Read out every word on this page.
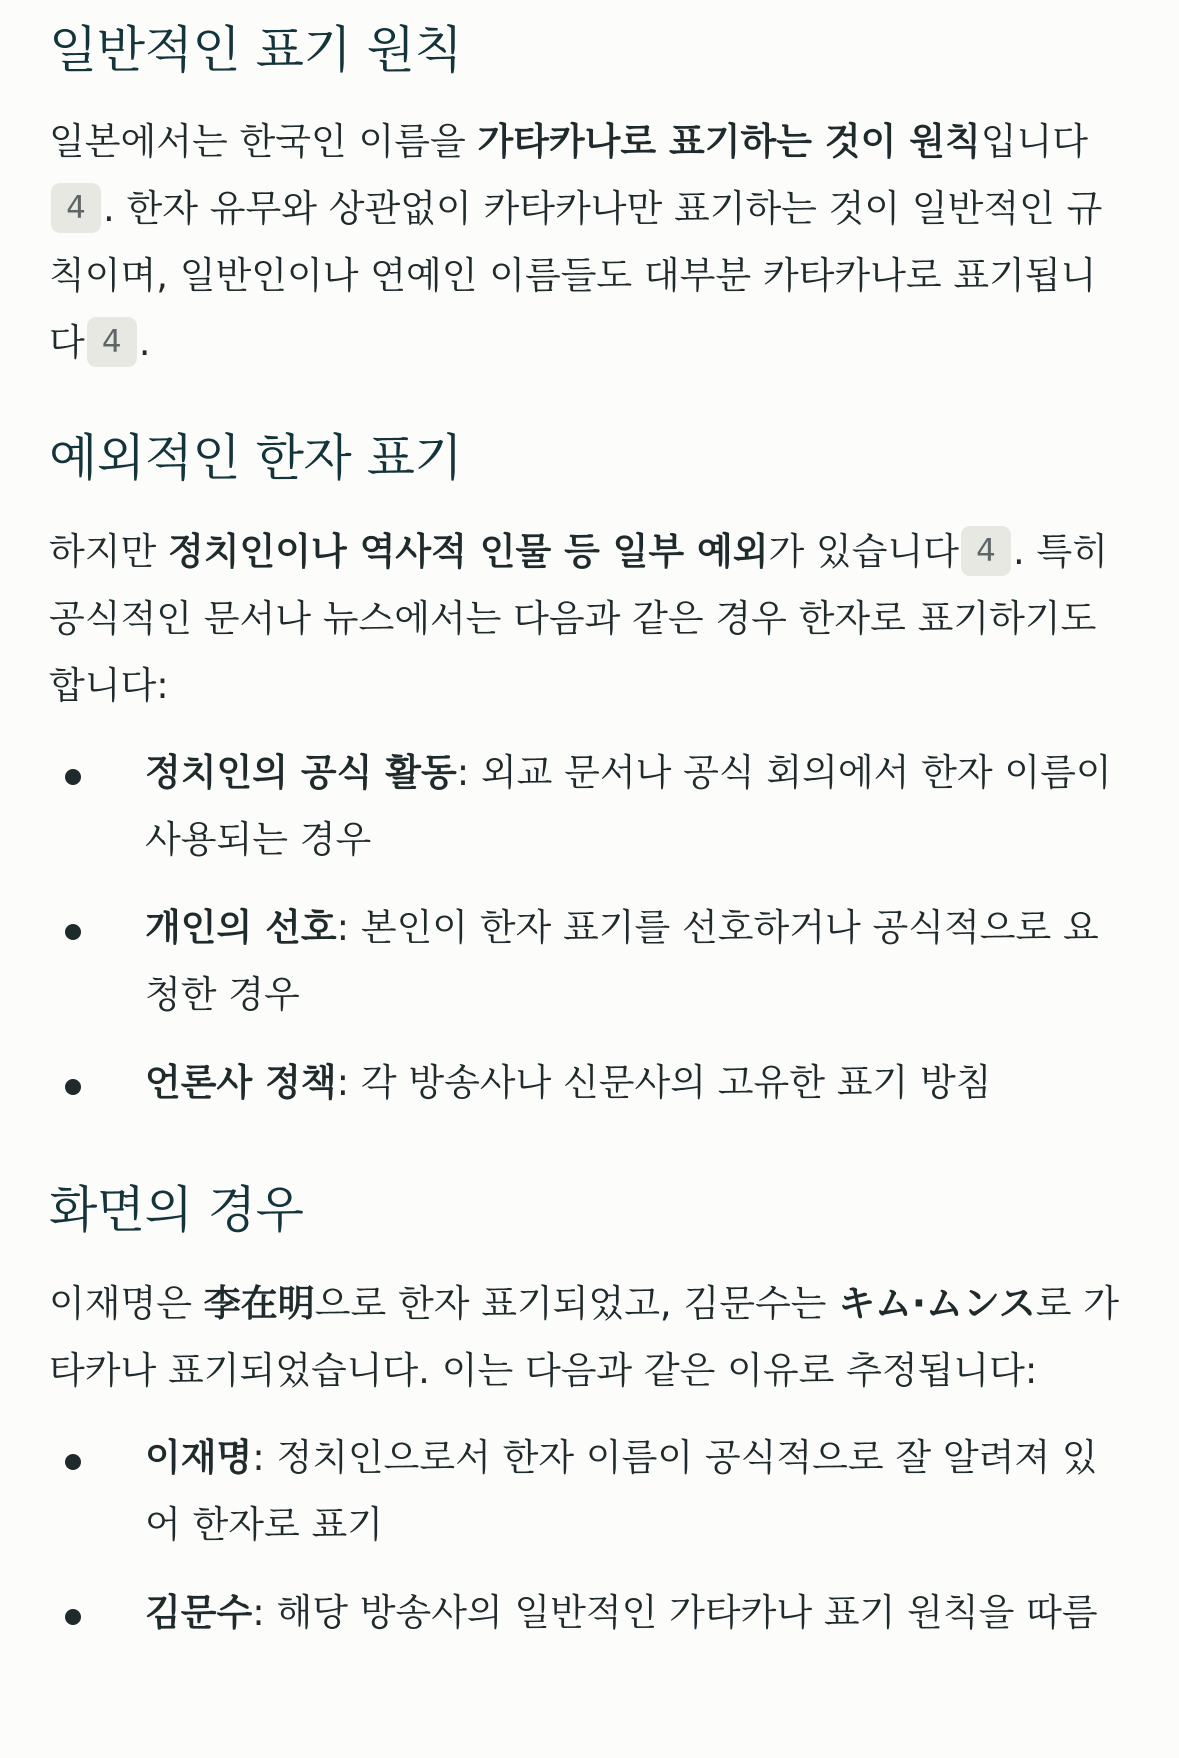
일반적인 표기 원칙

일본에서는 한국인 이름을 가타카나로 표기하는 것이 원칙입니다4 . 한자 유무와 상관없이 카타카나만 표기하는 것이 일반적인 규칙이며, 일반인이나 연예인 이름들도 대부분 카타카나로 표기됩니다 4 .

예외적인 한자 표기

하지만 정치인이나 역사적 인물 등 일부 예외가 있습니다 4 . 특히 공식적인 문서나 뉴스에서는 다음과 같은 경우 한자로 표기하기도 합니다:

정치인의 공식 활동: 외교 문서나 공식 회의에서 한자 이름이 사용되는 경우
개인의 선호: 본인이 한자 표기를 선호하거나 공식적으로 요청한 경우
언론사 정책: 각 방송사나 신문사의 고유한 표기 방침
화면의 경우

이재명은 李在明으로 한자 표기되었고, 김문수는 キム·ムンス로 가타카나 표기되었습니다. 이는 다음과 같은 이유로 추정됩니다:

이재명: 정치인으로서 한자 이름이 공식적으로 잘 알려져 있어 한자로 표기
김문수: 해당 방송사의 일반적인 가타카나 표기 원칙을 따름
